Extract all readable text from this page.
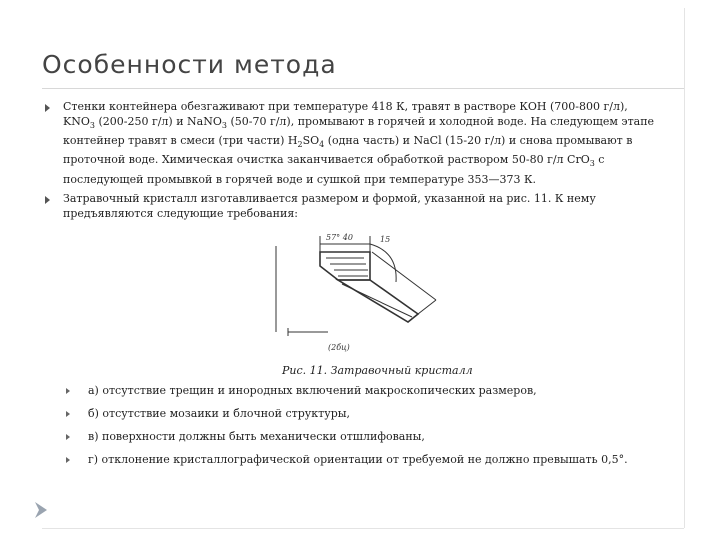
Особенности метода
Стенки контейнера обезгаживают при температуре 418 К, травят в растворе КОН (700-800 г/л), $KNO_3$ (200-250 г/л) и NaNO$_3$ (50-70 г/л), промывают в горячей и холодной воде. На следующем этапе контейнер травят в смеси (три части) $H_2SO_4$ (одна часть) и NaCl (15-20 г/л) и снова промывают в проточной воде. Химическая очистка заканчивается обработкой раствором 50-80 г/л CrO$_3$ с последующей промывкой в горячей воде и сушкой при температуре 353—373 К.
Затравочный кристалл изготавливается размером и формой, указанной на рис. 11. К нему предъявляются следующие требования:
57° 40	15
(2бц)
Рис. 11. Затравочный кристалл
а) отсутствие трещин и инородных включений макроскопических размеров,
б) отсутствие мозаики и блочной структуры,
в) поверхности должны быть механически отшлифованы,
г) отклонение кристаллографической ориентации от требуемой не должно превышать 0,5°.
